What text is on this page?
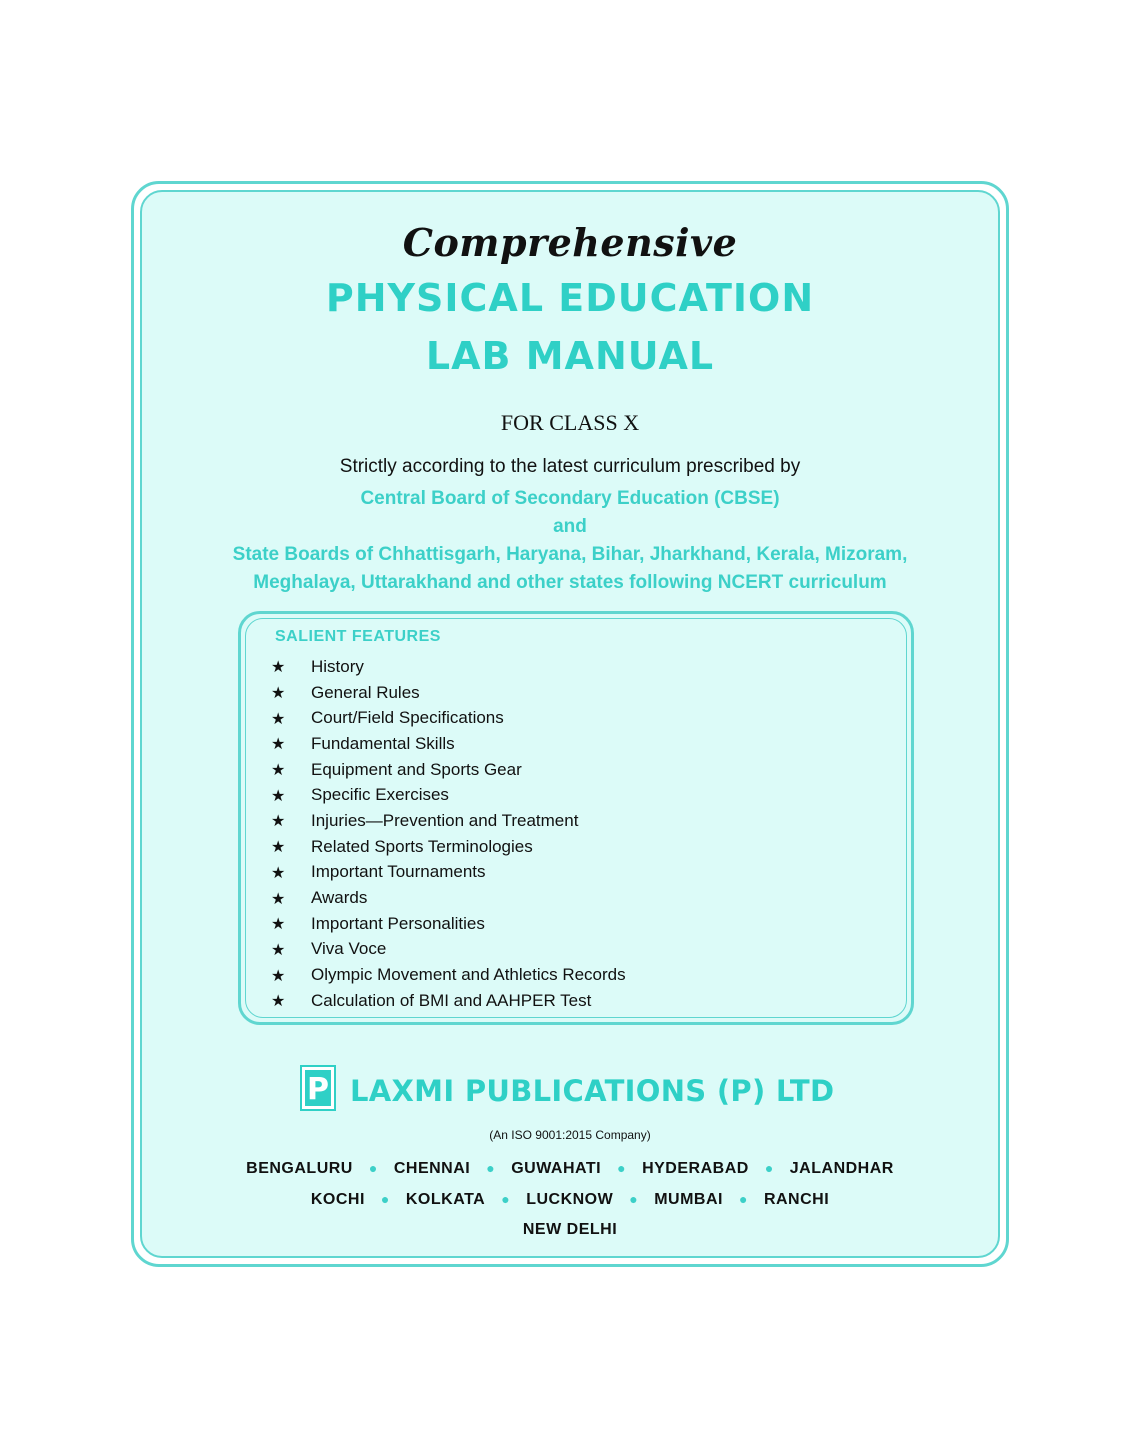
Comprehensive
PHYSICAL EDUCATION
LAB MANUAL
FOR CLASS X
Strictly according to the latest curriculum prescribed by
Central Board of Secondary Education (CBSE)
and
State Boards of Chhattisgarh, Haryana, Bihar, Jharkhand, Kerala, Mizoram,
Meghalaya, Uttarakhand and other states following NCERT curriculum
SALIENT FEATURES
★	History
★	General Rules
★	Court/Field Specifications
★	Fundamental Skills
★	Equipment and Sports Gear
★	Specific Exercises
★	Injuries—Prevention and Treatment
★	Related Sports Terminologies
★	Important Tournaments
★	Awards
★	Important Personalities
★	Viva Voce
★	Olympic Movement and Athletics Records
★	Calculation of BMI and AAHPER Test
P LAXMI PUBLICATIONS (P) LTD
(An ISO 9001:2015 Company)
BENGALURU ● CHENNAI ● GUWAHATI ● HYDERABAD ● JALANDHAR
KOCHI ● KOLKATA ● LUCKNOW ● MUMBAI ● RANCHI
NEW DELHI
